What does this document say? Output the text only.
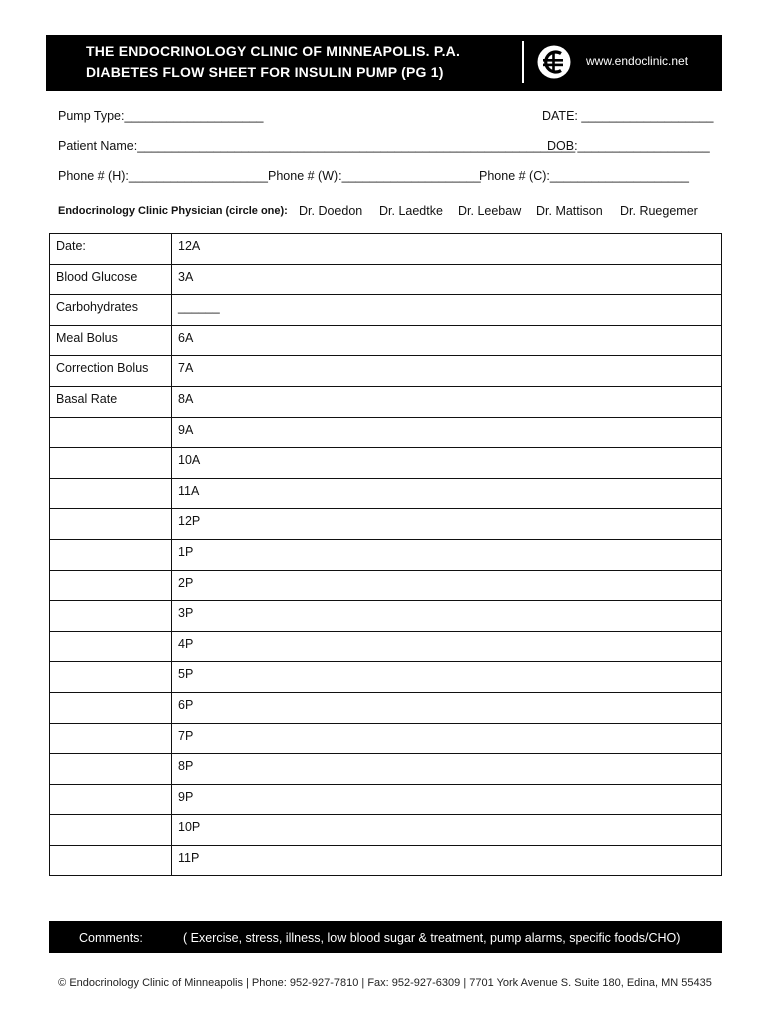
THE ENDOCRINOLOGY CLINIC OF MINNEAPOLIS. P.A.
DIABETES FLOW SHEET FOR INSULIN PUMP (PG 1)
www.endoclinic.net
Pump Type:____________________	DATE: ___________________
Patient Name:_______________________________________________________________
DOB:___________________
Phone # (H):____________________ Phone # (W):____________________
Phone # (C):____________________
Endocrinology Clinic Physician (circle one): Dr. Doedon Dr. Laedtke Dr. Leebaw Dr. Mattison Dr. Ruegemer
Date:	12A
Blood Glucose	3A
Carbohydrates	______
Meal Bolus	6A
Correction Bolus	7A
Basal Rate	8A
	9A
	10A
	11A
	12P
	1P
	2P
	3P
	4P
	5P
	6P
	7P
	8P
	9P
	10P
	11P
Comments:	( Exercise, stress, illness, low blood sugar & treatment, pump alarms, specific foods/CHO)
© Endocrinology Clinic of Minneapolis | Phone: 952-927-7810 | Fax: 952-927-6309 | 7701 York Avenue S. Suite 180, Edina, MN 55435
